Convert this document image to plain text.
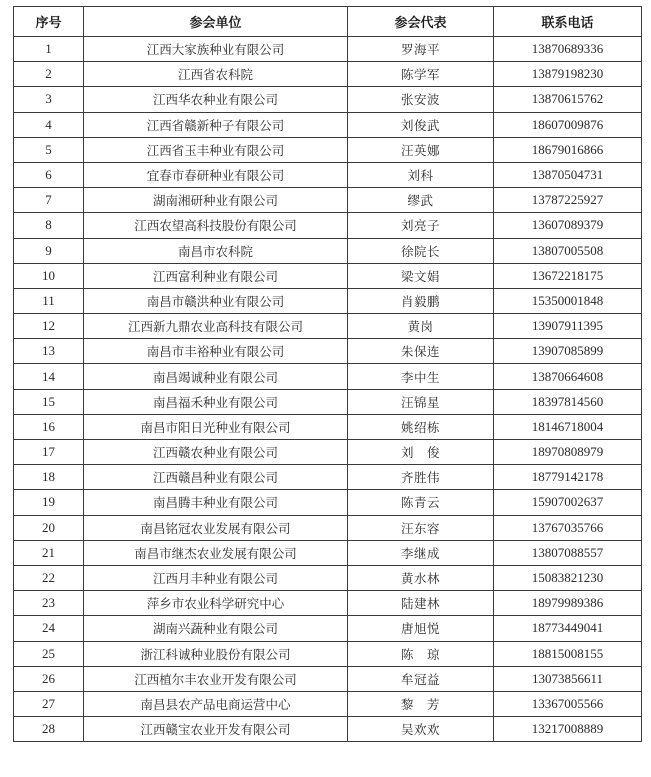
序号	参会单位	参会代表	联系电话
1	江西大家族种业有限公司	罗海平	13870689336
2	江西省农科院	陈学军	13879198230
3	江西华农种业有限公司	张安波	13870615762
4	江西省赣新种子有限公司	刘俊武	18607009876
5	江西省玉丰种业有限公司	汪英娜	18679016866
6	宜春市春研种业有限公司	刘科	13870504731
7	湖南湘研种业有限公司	缪武	13787225927
8	江西农望高科技股份有限公司	刘亮子	13607089379
9	南昌市农科院	徐院长	13807005508
10	江西富利种业有限公司	梁文娟	13672218175
11	南昌市赣洪种业有限公司	肖毅鹏	15350001848
12	江西新九鼎农业高科技有限公司	黄岗	13907911395
13	南昌市丰裕种业有限公司	朱保连	13907085899
14	南昌竭诚种业有限公司	李中生	13870664608
15	南昌福禾种业有限公司	汪锦星	18397814560
16	南昌市阳日光种业有限公司	姚绍栋	18146718004
17	江西赣农种业有限公司	刘　俊	18970808979
18	江西赣昌种业有限公司	齐胜伟	18779142178
19	南昌腾丰种业有限公司	陈青云	15907002637
20	南昌铭冠农业发展有限公司	汪东容	13767035766
21	南昌市继杰农业发展有限公司	李继成	13807088557
22	江西月丰种业有限公司	黄水林	15083821230
23	萍乡市农业科学研究中心	陆建林	18979989386
24	湖南兴蔬种业有限公司	唐旭悦	18773449041
25	浙江科诚种业股份有限公司	陈　琼	18815008155
26	江西植尔丰农业开发有限公司	牟冠益	13073856611
27	南昌县农产品电商运营中心	黎　芳	13367005566
28	江西赣宝农业开发有限公司	吴欢欢	13217008889
